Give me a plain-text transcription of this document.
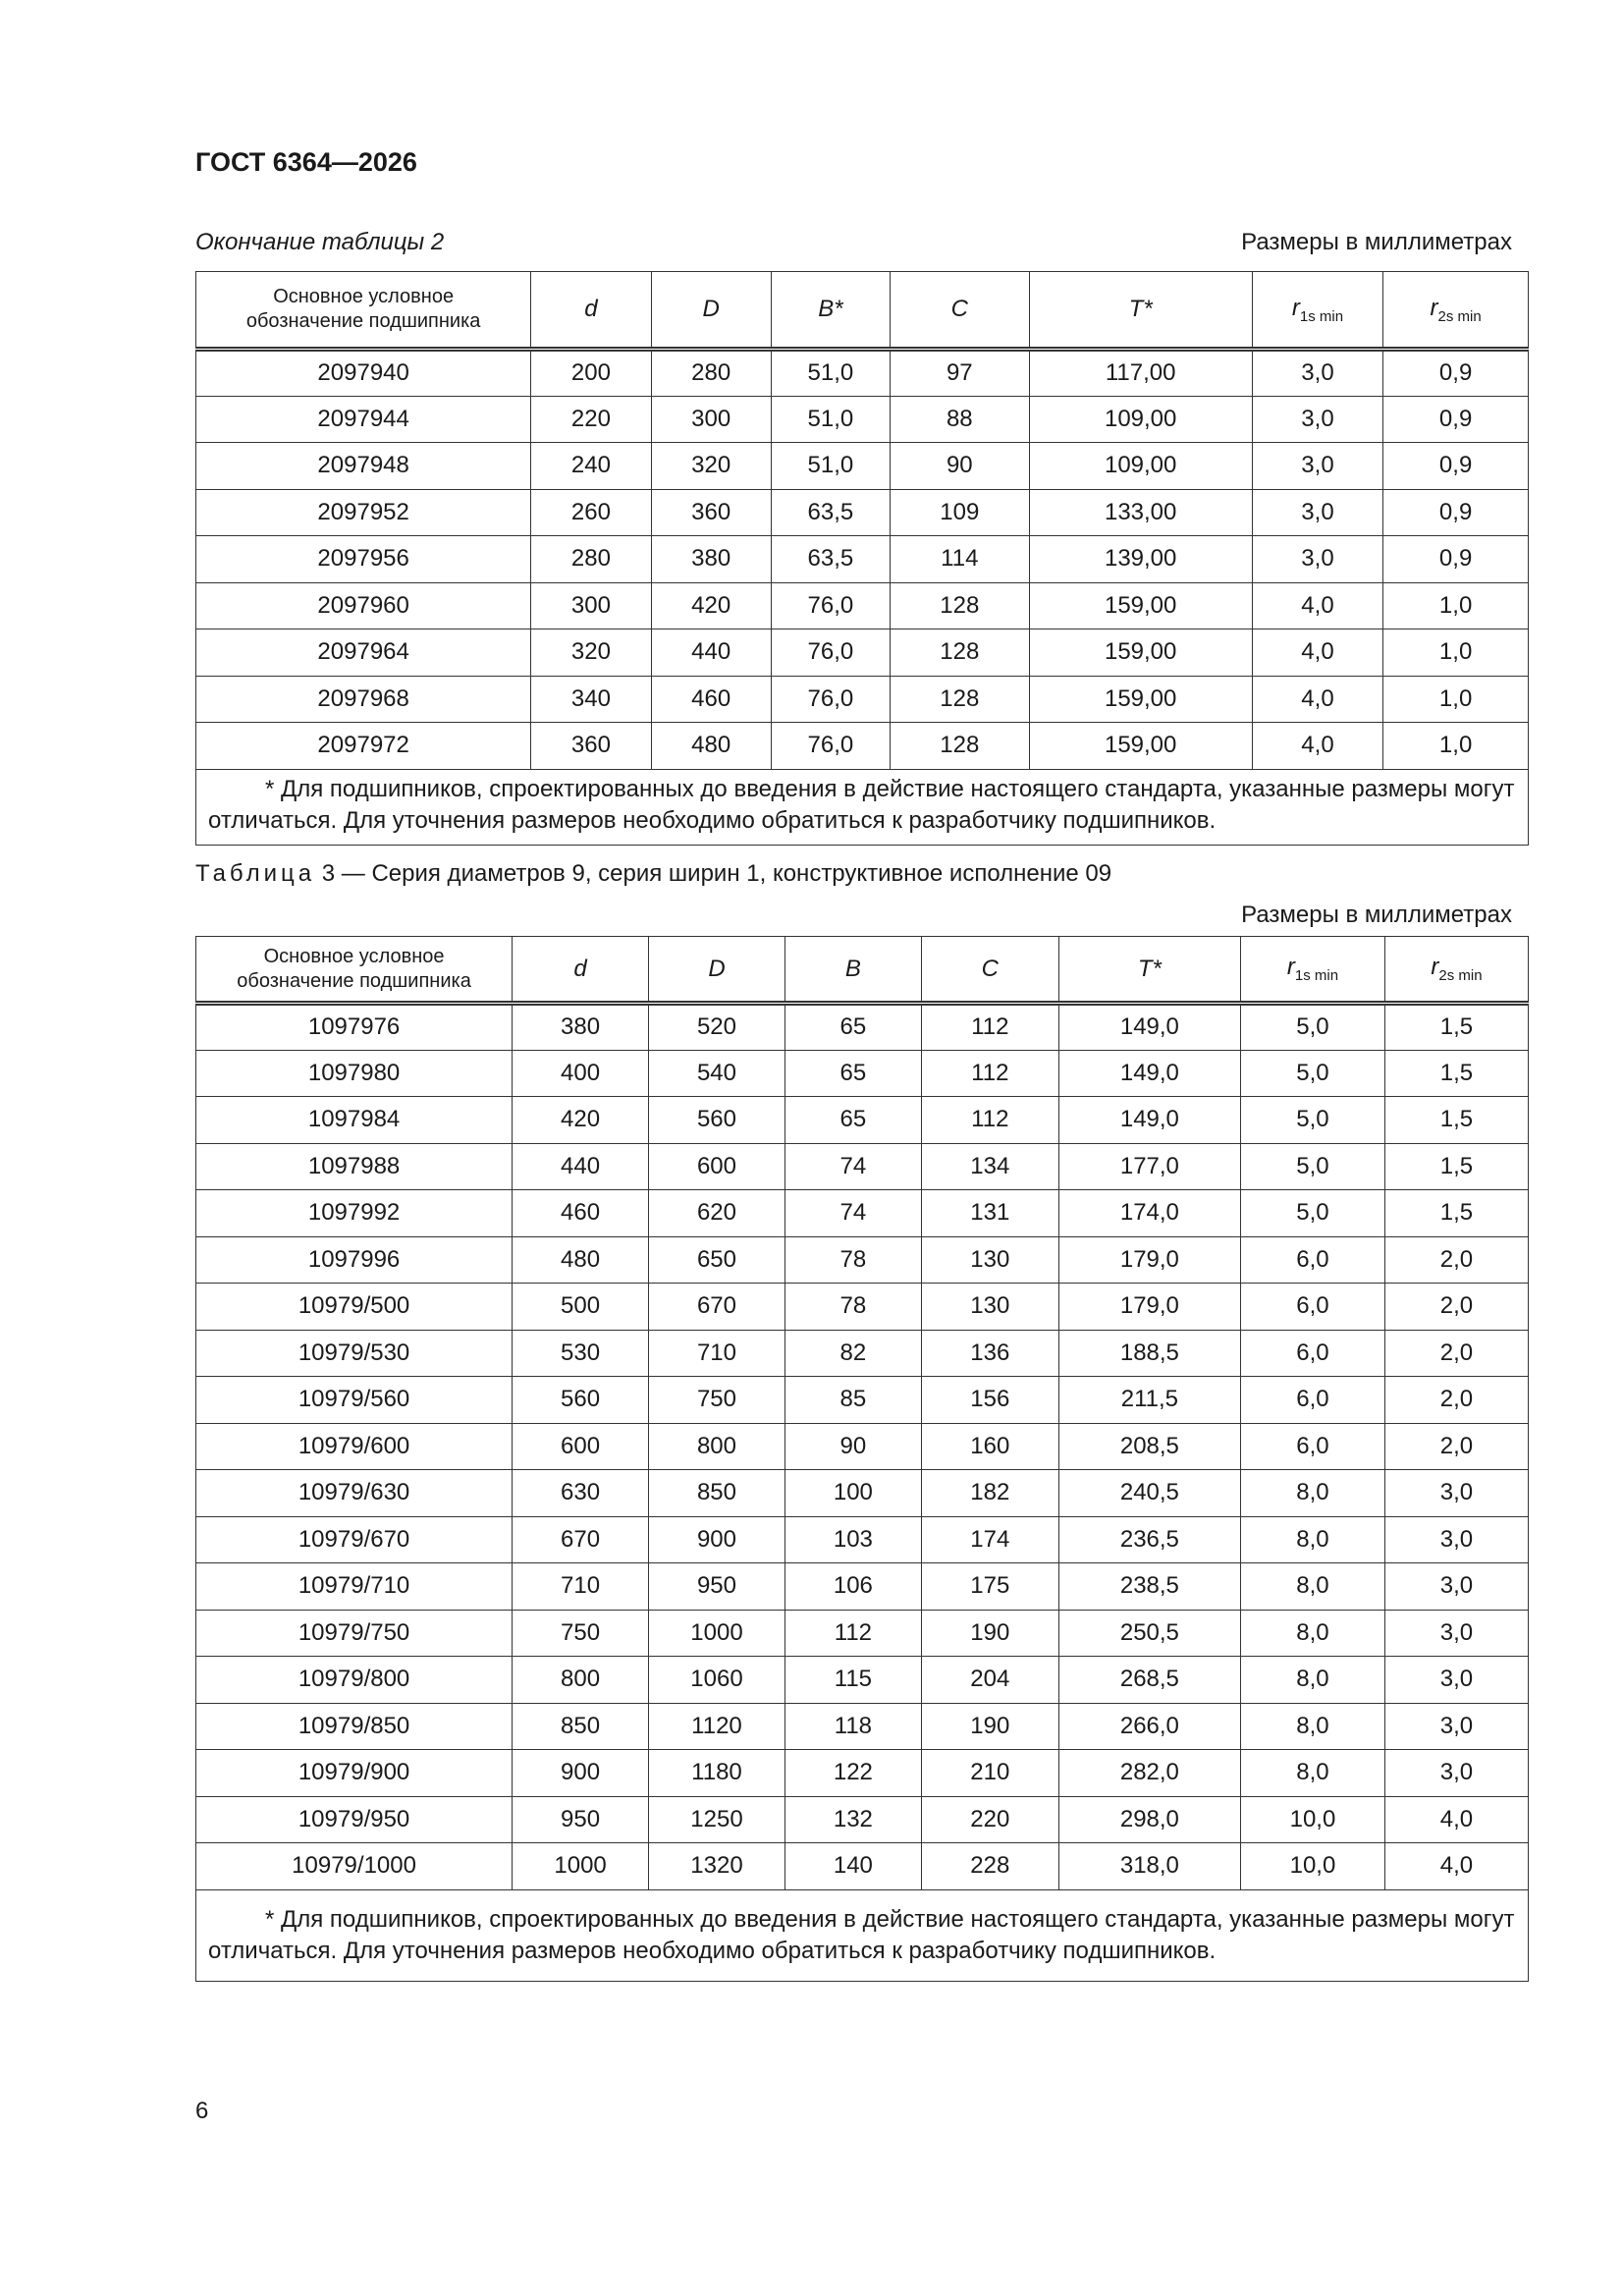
ГОСТ 6364—2026
Окончание таблицы 2	Размеры в миллиметрах
Основное условное
обозначение подшипника	d	D	B*	C	T*	$r_{1s min}$	$r_{2s min}$
2097940	200	280	51,0	97	117,00	3,0	0,9
2097944	220	300	51,0	88	109,00	3,0	0,9
2097948	240	320	51,0	90	109,00	3,0	0,9
2097952	260	360	63,5	109	133,00	3,0	0,9
2097956	280	380	63,5	114	139,00	3,0	0,9
2097960	300	420	76,0	128	159,00	4,0	1,0
2097964	320	440	76,0	128	159,00	4,0	1,0
2097968	340	460	76,0	128	159,00	4,0	1,0
2097972	360	480	76,0	128	159,00	4,0	1,0
* Для подшипников, спроектированных до введения в действие настоящего стандарта, указанные размеры могут отличаться. Для уточнения размеров необходимо обратиться к разработчику подшипников.							
Таблица 3 — Серия диаметров 9, серия ширин 1, конструктивное исполнение 09
Размеры в миллиметрах
Основное условное
обозначение подшипника	d	D	B	C	T*	$r_{1s min}$	$r_{2s min}$
1097976	380	520	65	112	149,0	5,0	1,5
1097980	400	540	65	112	149,0	5,0	1,5
1097984	420	560	65	112	149,0	5,0	1,5
1097988	440	600	74	134	177,0	5,0	1,5
1097992	460	620	74	131	174,0	5,0	1,5
1097996	480	650	78	130	179,0	6,0	2,0
10979/500	500	670	78	130	179,0	6,0	2,0
10979/530	530	710	82	136	188,5	6,0	2,0
10979/560	560	750	85	156	211,5	6,0	2,0
10979/600	600	800	90	160	208,5	6,0	2,0
10979/630	630	850	100	182	240,5	8,0	3,0
10979/670	670	900	103	174	236,5	8,0	3,0
10979/710	710	950	106	175	238,5	8,0	3,0
10979/750	750	1000	112	190	250,5	8,0	3,0
10979/800	800	1060	115	204	268,5	8,0	3,0
10979/850	850	1120	118	190	266,0	8,0	3,0
10979/900	900	1180	122	210	282,0	8,0	3,0
10979/950	950	1250	132	220	298,0	10,0	4,0
10979/1000	1000	1320	140	228	318,0	10,0	4,0
* Для подшипников, спроектированных до введения в действие настоящего стандарта, указанные размеры могут отличаться. Для уточнения размеров необходимо обратиться к разработчику подшипников.							
6
